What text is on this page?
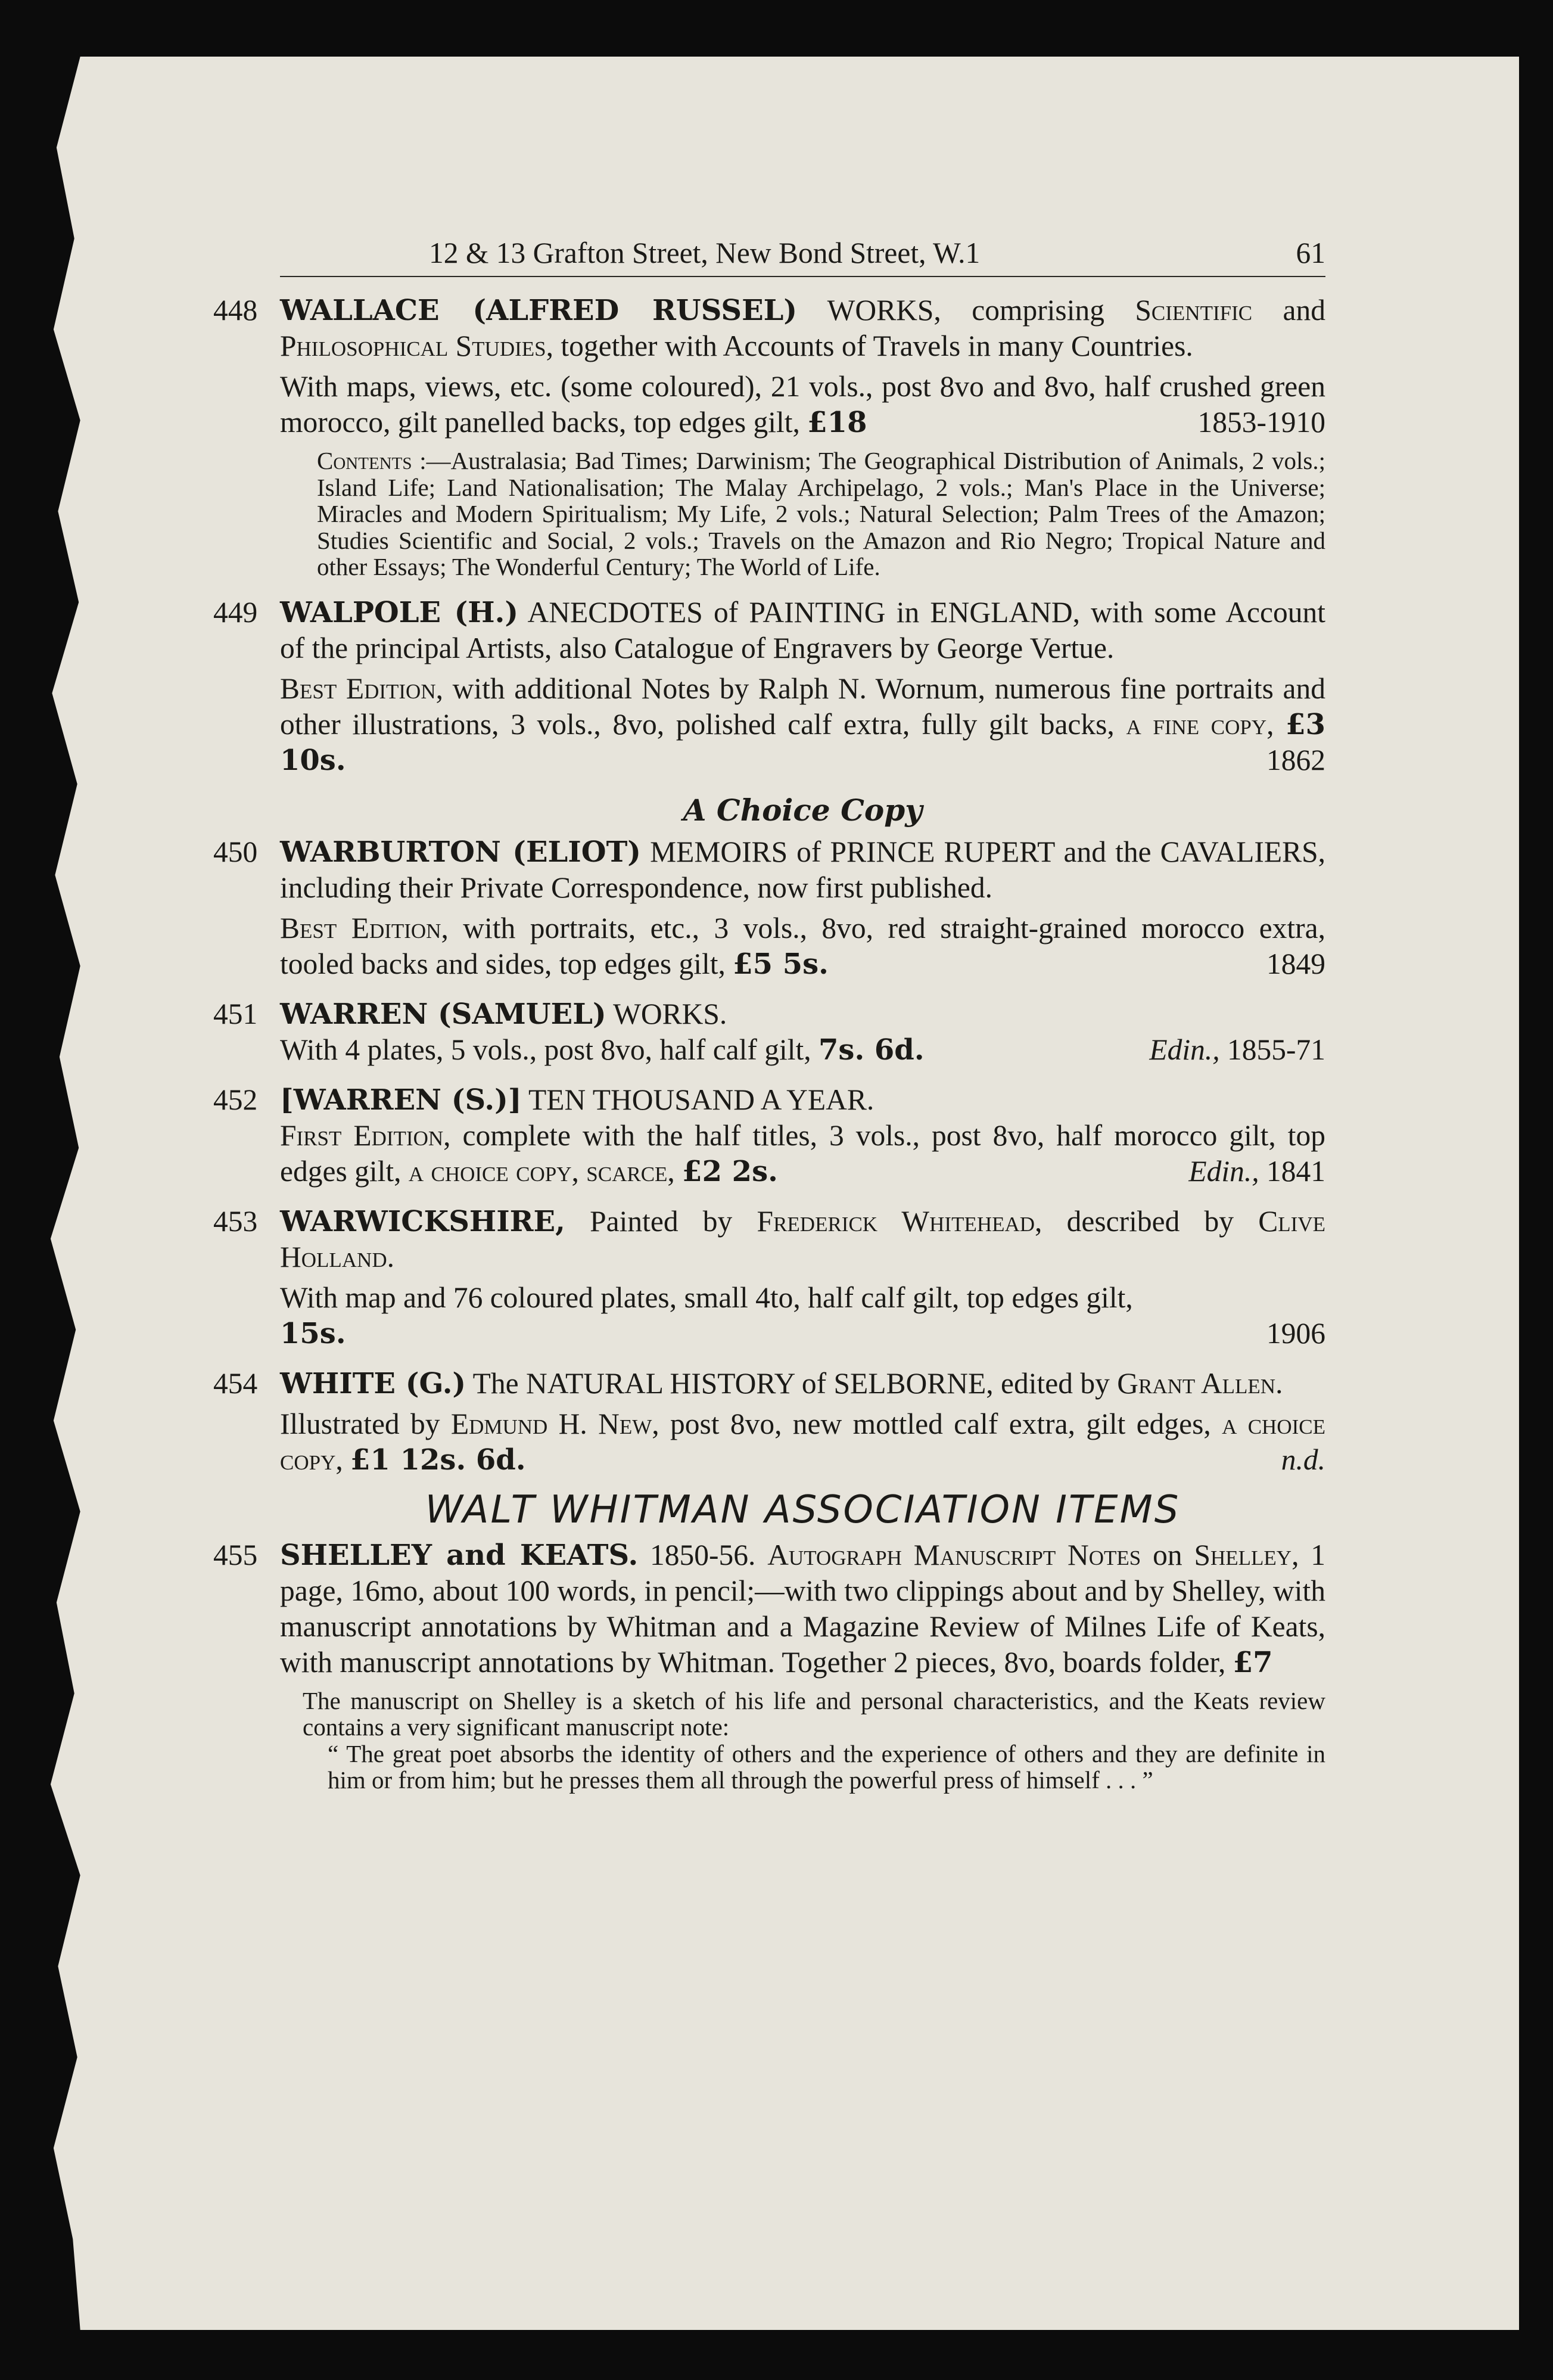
12 & 13 Grafton Street, New Bond Street, W.1	61
448 WALLACE (ALFRED RUSSEL) WORKS, comprising Scientific and Philosophical Studies, together with Accounts of Travels in many Countries.

With maps, views, etc. (some coloured), 21 vols., post 8vo and 8vo, half crushed green morocco, gilt panelled backs, top edges gilt, £18	1853-1910

Contents :—Australasia; Bad Times; Darwinism; The Geographical Distribution of Animals, 2 vols.; Island Life; Land Nationalisation; The Malay Archipelago, 2 vols.; Man's Place in the Universe; Miracles and Modern Spiritualism; My Life, 2 vols.; Natural Selection; Palm Trees of the Amazon; Studies Scientific and Social, 2 vols.; Travels on the Amazon and Rio Negro; Tropical Nature and other Essays; The Wonderful Century; The World of Life.

449 WALPOLE (H.) ANECDOTES of PAINTING in ENGLAND, with some Account of the principal Artists, also Catalogue of Engravers by George Vertue.

Best Edition, with additional Notes by Ralph N. Wornum, numerous fine portraits and other illustrations, 3 vols., 8vo, polished calf extra, fully gilt backs, a fine copy, £3 10s.	1862

A Choice Copy
450 WARBURTON (ELIOT) MEMOIRS of PRINCE RUPERT and the CAVALIERS, including their Private Correspondence, now first published.

Best Edition, with portraits, etc., 3 vols., 8vo, red straight-grained morocco extra, tooled backs and sides, top edges gilt, £5 5s.	1849

451 WARREN (SAMUEL) WORKS.

With 4 plates, 5 vols., post 8vo, half calf gilt, 7s. 6d.	Edin., 1855-71

452 [WARREN (S.)] TEN THOUSAND A YEAR.

First Edition, complete with the half titles, 3 vols., post 8vo, half morocco gilt, top edges gilt, a choice copy, scarce, £2 2s.	Edin., 1841

453 WARWICKSHIRE, Painted by Frederick Whitehead, described by Clive Holland.

With map and 76 coloured plates, small 4to, half calf gilt, top edges gilt,
15s.	1906

454 WHITE (G.) The NATURAL HISTORY of SELBORNE, edited by Grant Allen.

Illustrated by Edmund H. New, post 8vo, new mottled calf extra, gilt edges, a choice copy, £1 12s. 6d.	n.d.

WALT WHITMAN ASSOCIATION ITEMS
455 SHELLEY and KEATS. 1850-56. Autograph Manuscript Notes on Shelley, 1 page, 16mo, about 100 words, in pencil;—with two clippings about and by Shelley, with manuscript annotations by Whitman and a Magazine Review of Milnes Life of Keats, with manuscript annotations by Whitman. Together 2 pieces, 8vo, boards folder, £7

The manuscript on Shelley is a sketch of his life and personal characteristics, and the Keats review contains a very significant manuscript note:

“ The great poet absorbs the identity of others and the experience of others and they are definite in him or from him; but he presses them all through the powerful press of himself . . . ”
